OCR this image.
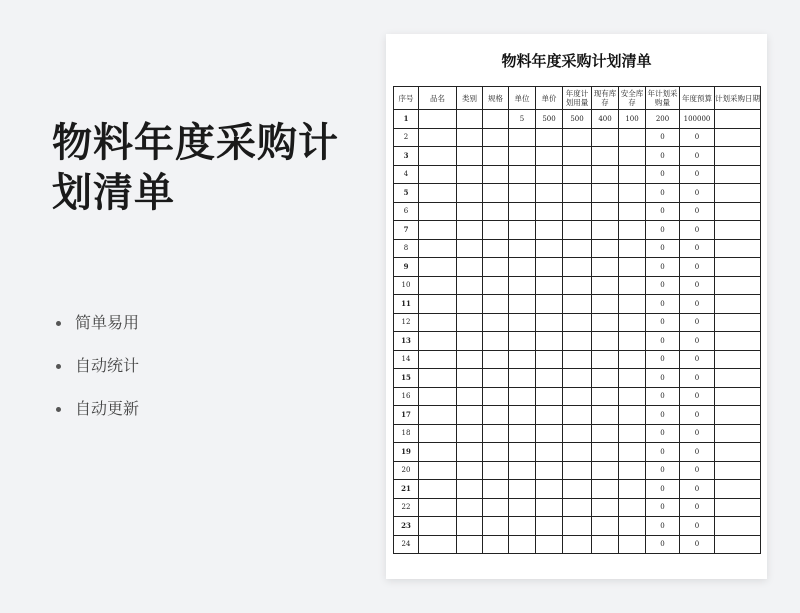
物料年度采购计划清单
简单易用
自动统计
自动更新
物料年度采购计划清单
序号	品名	类别	规格	单位	单价	年度计划用量	现有库存	安全库存	年计划采购量	年度预算	计划采购日期
1				5	500	500	400	100	200	100000	
2									0	0	
3									0	0	
4									0	0	
5									0	0	
6									0	0	
7									0	0	
8									0	0	
9									0	0	
10									0	0	
11									0	0	
12									0	0	
13									0	0	
14									0	0	
15									0	0	
16									0	0	
17									0	0	
18									0	0	
19									0	0	
20									0	0	
21									0	0	
22									0	0	
23									0	0	
24									0	0	
